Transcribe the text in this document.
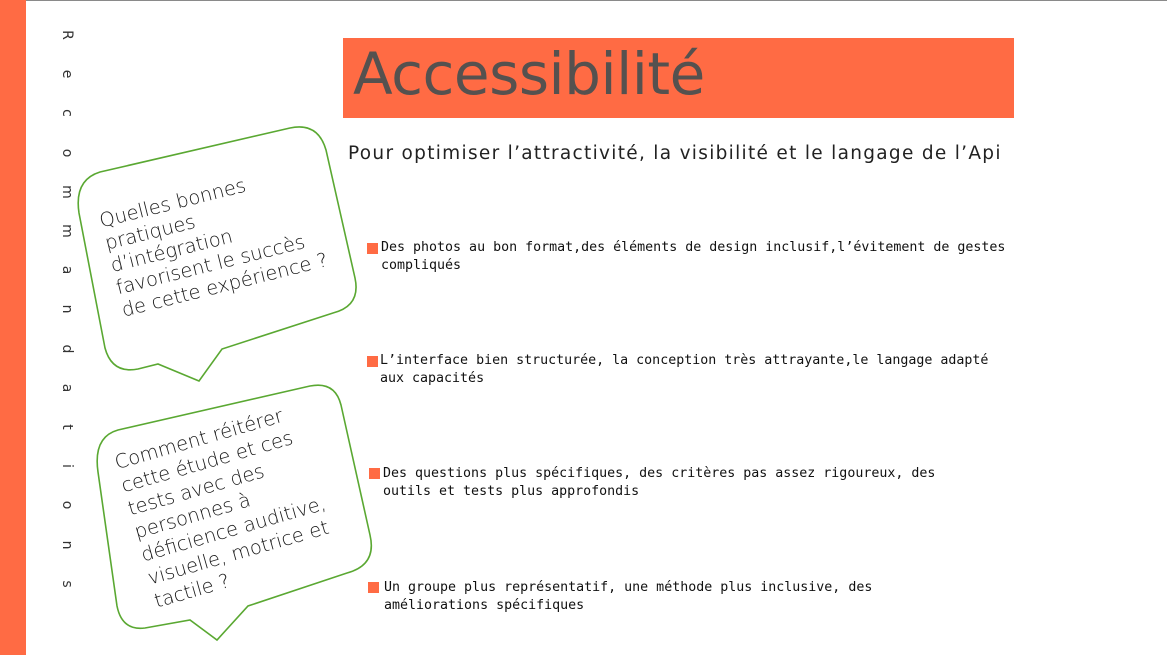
R
e
c
o
m
m
a
n
d
a
t
i
o
n
s
Accessibilité
Pour optimiser l’attractivité, la visibilité et le langage de l’Api
Quelles bonnes
pratiques
d’intégration
favorisent le succès
de cette expérience ?
Comment réitérer
cette étude et ces
tests avec des
personnes à
déficience auditive,
visuelle, motrice et
tactile ?
Des photos au bon format,des éléments de design inclusif,l’évitement de gestes
compliqués
L’interface bien structurée, la conception très attrayante,le langage adapté
aux capacités
Des questions plus spécifiques, des critères pas assez rigoureux, des
outils et tests plus approfondis
Un groupe plus représentatif, une méthode plus inclusive, des
améliorations spécifiques
